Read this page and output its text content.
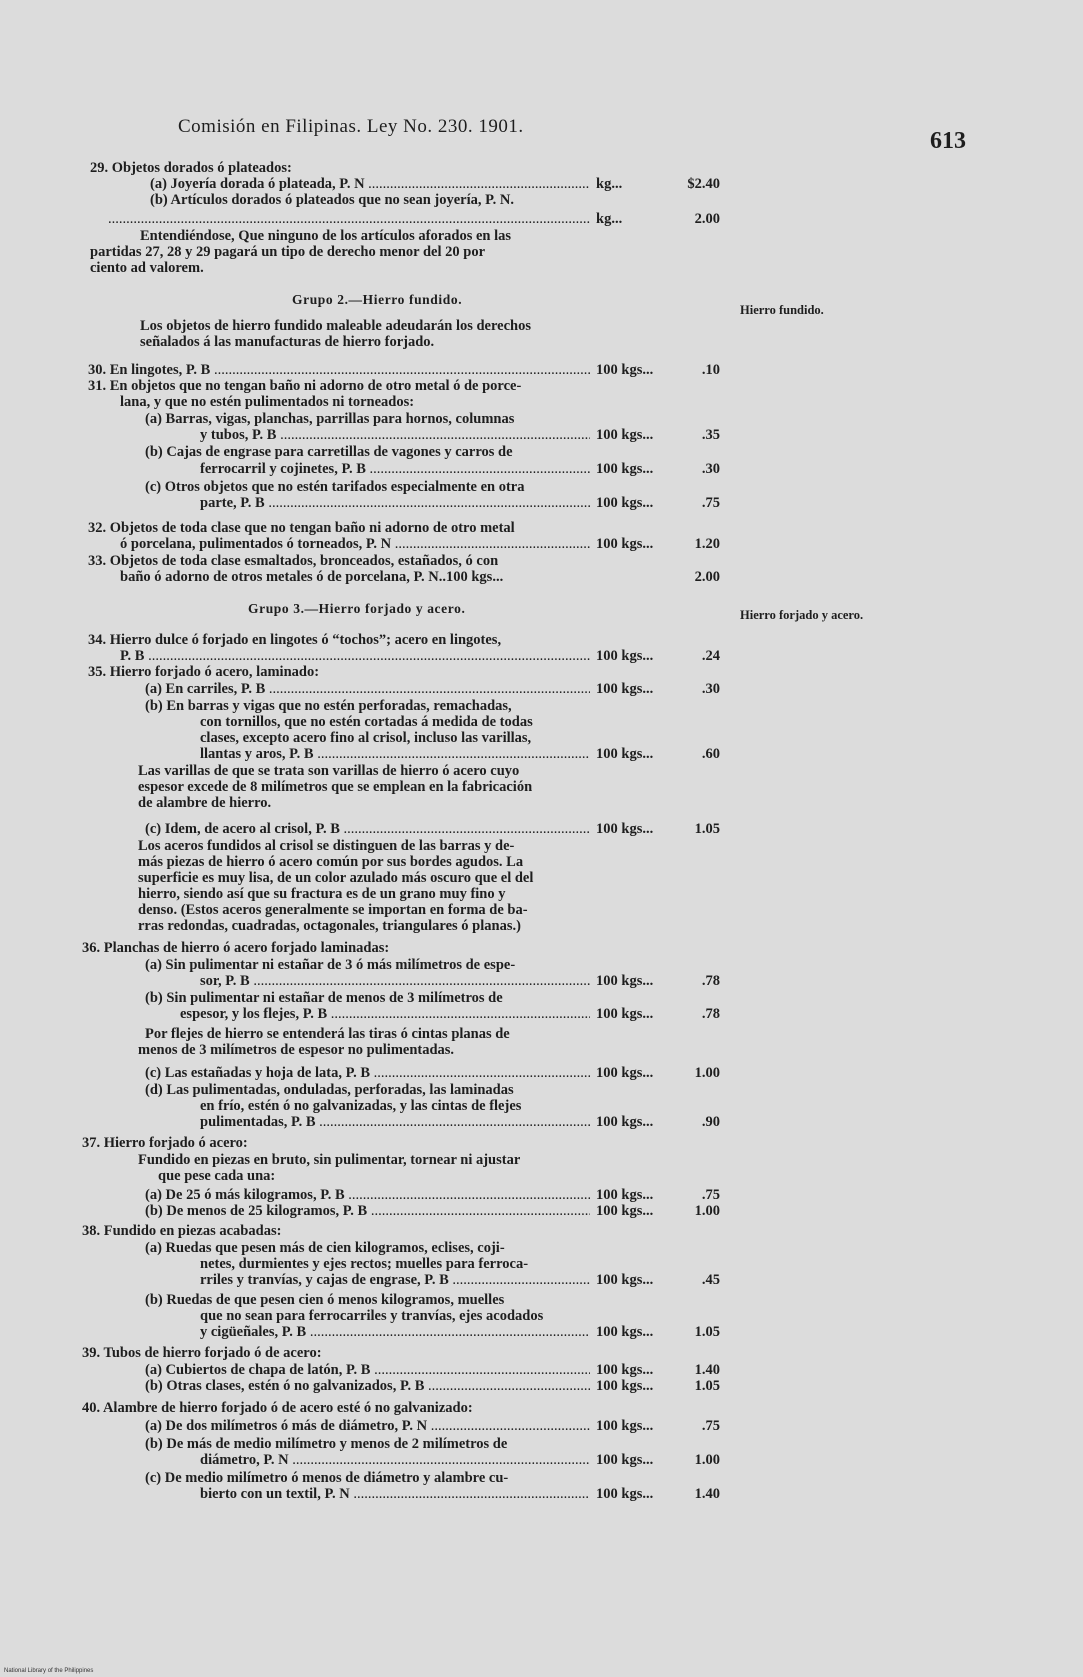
Comisión en Filipinas. Ley No. 230. 1901.
613
Grupo 2.—Hierro fundido.
Grupo 3.—Hierro forjado y acero.
Hierro fundido.
Hierro forjado y acero.
29. Objetos dorados ó plateados:
(a) Joyería dorada ó plateada, P. N .....	kg...	$2.40
(b) Artículos dorados ó plateados que no sean joyería, P. N.
.....
kg...	2.00
Entendiéndose, Que ninguno de los artículos aforados en las
partidas 27, 28 y 29 pagará un tipo de derecho menor del 20 por
ciento ad valorem.
Los objetos de hierro fundido maleable adeudarán los derechos
señalados á las manufacturas de hierro forjado.
30. En lingotes, P. B .....	100 kgs...	.10
31. En objetos que no tengan baño ni adorno de otro metal ó de porce-
lana, y que no estén pulimentados ni torneados:
(a) Barras, vigas, planchas, parrillas para hornos, columnas
y tubos, P. B .....	100 kgs...	.35
(b) Cajas de engrase para carretillas de vagones y carros de
ferrocarril y cojinetes, P. B .....	100 kgs...	.30
(c) Otros objetos que no estén tarifados especialmente en otra
parte, P. B .....	100 kgs...	.75
32. Objetos de toda clase que no tengan baño ni adorno de otro metal
ó porcelana, pulimentados ó torneados, P. N .....	100 kgs...	1.20
33. Objetos de toda clase esmaltados, bronceados, estañados, ó con
baño ó adorno de otros metales ó de porcelana, P. N..100 kgs...	2.00
34. Hierro dulce ó forjado en lingotes ó “tochos”; acero en lingotes,
P. B .....	100 kgs...	.24
35. Hierro forjado ó acero, laminado:
(a) En carriles, P. B .....	100 kgs...	.30
(b) En barras y vigas que no estén perforadas, remachadas,
con tornillos, que no estén cortadas á medida de todas
clases, excepto acero fino al crisol, incluso las varillas,
llantas y aros, P. B .....	100 kgs...	.60
Las varillas de que se trata son varillas de hierro ó acero cuyo
espesor excede de 8 milímetros que se emplean en la fabricación
de alambre de hierro.
(c) Idem, de acero al crisol, P. B .....	100 kgs...	1.05
Los aceros fundidos al crisol se distinguen de las barras y de-
más piezas de hierro ó acero común por sus bordes agudos. La
superficie es muy lisa, de un color azulado más oscuro que el del
hierro, siendo así que su fractura es de un grano muy fino y
denso. (Estos aceros generalmente se importan en forma de ba-
rras redondas, cuadradas, octagonales, triangulares ó planas.)
36. Planchas de hierro ó acero forjado laminadas:
(a) Sin pulimentar ni estañar de 3 ó más milímetros de espe-
sor, P. B .....	100 kgs...	.78
(b) Sin pulimentar ni estañar de menos de 3 milímetros de
espesor, y los flejes, P. B .....	100 kgs...	.78
Por flejes de hierro se entenderá las tiras ó cintas planas de
menos de 3 milímetros de espesor no pulimentadas.
(c) Las estañadas y hoja de lata, P. B .....	100 kgs...	1.00
(d) Las pulimentadas, onduladas, perforadas, las laminadas
en frío, estén ó no galvanizadas, y las cintas de flejes
pulimentadas, P. B .....	100 kgs...	.90
37. Hierro forjado ó acero:
Fundido en piezas en bruto, sin pulimentar, tornear ni ajustar
que pese cada una:
(a) De 25 ó más kilogramos, P. B .....	100 kgs...	.75
(b) De menos de 25 kilogramos, P. B .....	100 kgs...	1.00
38. Fundido en piezas acabadas:
(a) Ruedas que pesen más de cien kilogramos, eclises, coji-
netes, durmientes y ejes rectos; muelles para ferroca-
rriles y tranvías, y cajas de engrase, P. B .....	100 kgs...	.45
(b) Ruedas de que pesen cien ó menos kilogramos, muelles
que no sean para ferrocarriles y tranvías, ejes acodados
y cigüeñales, P. B .....	100 kgs...	1.05
39. Tubos de hierro forjado ó de acero:
(a) Cubiertos de chapa de latón, P. B .....	100 kgs...	1.40
(b) Otras clases, estén ó no galvanizados, P. B .....	100 kgs...	1.05
40. Alambre de hierro forjado ó de acero esté ó no galvanizado:
(a) De dos milímetros ó más de diámetro, P. N .....	100 kgs...	.75
(b) De más de medio milímetro y menos de 2 milímetros de
diámetro, P. N .....	100 kgs...	1.00
(c) De medio milímetro ó menos de diámetro y alambre cu-
bierto con un textil, P. N .....	100 kgs...	1.40
National Library of the Philippines
